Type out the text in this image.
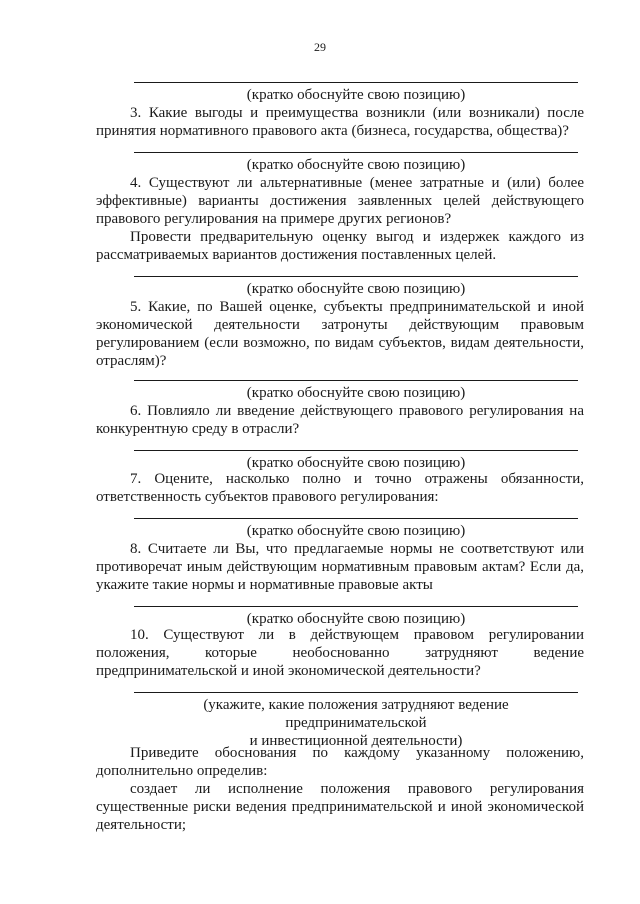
29
(кратко обоснуйте свою позицию)
3. Какие выгоды и преимущества возникли (или возникали) после
принятия нормативного правового акта (бизнеса, государства, общества)?
(кратко обоснуйте свою позицию)
4. Существуют ли альтернативные (менее затратные и (или) более
эффективные) варианты достижения заявленных целей действующего
правового регулирования на примере других регионов?
Провести предварительную оценку выгод и издержек каждого из
рассматриваемых вариантов достижения поставленных целей.
(кратко обоснуйте свою позицию)
5. Какие, по Вашей оценке, субъекты предпринимательской и иной
экономической деятельности затронуты действующим правовым
регулированием (если возможно, по видам субъектов, видам деятельности,
отраслям)?
(кратко обоснуйте свою позицию)
6. Повлияло ли введение действующего правового регулирования на
конкурентную среду в отрасли?
(кратко обоснуйте свою позицию)
7. Оцените, насколько полно и точно отражены обязанности,
ответственность субъектов правового регулирования:
(кратко обоснуйте свою позицию)
8. Считаете ли Вы, что предлагаемые нормы не соответствуют или
противоречат иным действующим нормативным правовым актам? Если да,
укажите такие нормы и нормативные правовые акты
(кратко обоснуйте свою позицию)
10. Существуют ли в действующем правовом регулировании
положения, которые необоснованно затрудняют ведение
предпринимательской и иной экономической деятельности?
(укажите, какие положения затрудняют ведение
предпринимательской
и инвестиционной деятельности)
Приведите обоснования по каждому указанному положению,
дополнительно определив:
создает ли исполнение положения правового регулирования
существенные риски ведения предпринимательской и иной экономической
деятельности;
